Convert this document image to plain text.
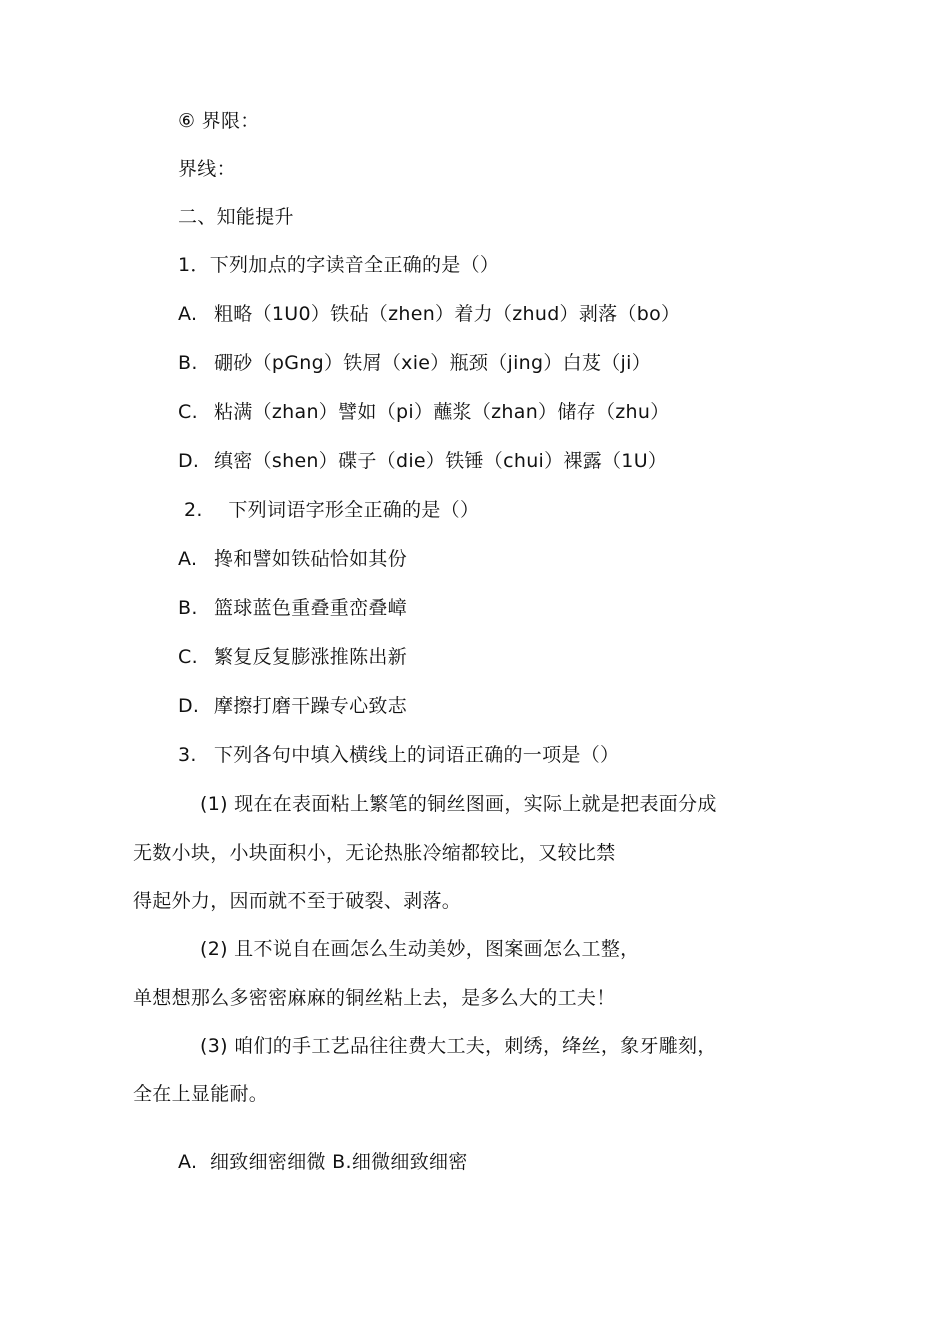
⑥ 界限：
界线：
二、知能提升
1．下列加点的字读音全正确的是（）
A. 粗略（1U0）铁砧（zhen）着力（zhud）剥落（bo）
B. 硼砂（pGng）铁屑（xie）瓶颈（jing）白芨（ji）
C. 粘满（zhan）譬如（pi）蘸浆（zhan）储存（zhu）
D. 缜密（shen）碟子（die）铁锤（chui）裸露（1U）
2.　 下列词语字形全正确的是（）
A. 搀和譬如铁砧恰如其份
B. 篮球蓝色重叠重峦叠嶂
C. 繁复反复膨涨推陈出新
D. 摩擦打磨干躁专心致志
3. 下列各句中填入横线上的词语正确的一项是（）
(1) 现在在表面粘上繁笔的铜丝图画，实际上就是把表面分成
无数小块，小块面积小，无论热胀冷缩都较比，又较比禁
得起外力，因而就不至于破裂、剥落。
(2) 且不说自在画怎么生动美妙，图案画怎么工整，
单想想那么多密密麻麻的铜丝粘上去，是多么大的工夫！
(3) 咱们的手工艺品往往费大工夫，刺绣，绛丝，象牙雕刻，
全在上显能耐。
A. 细致细密细微 B.细微细致细密
